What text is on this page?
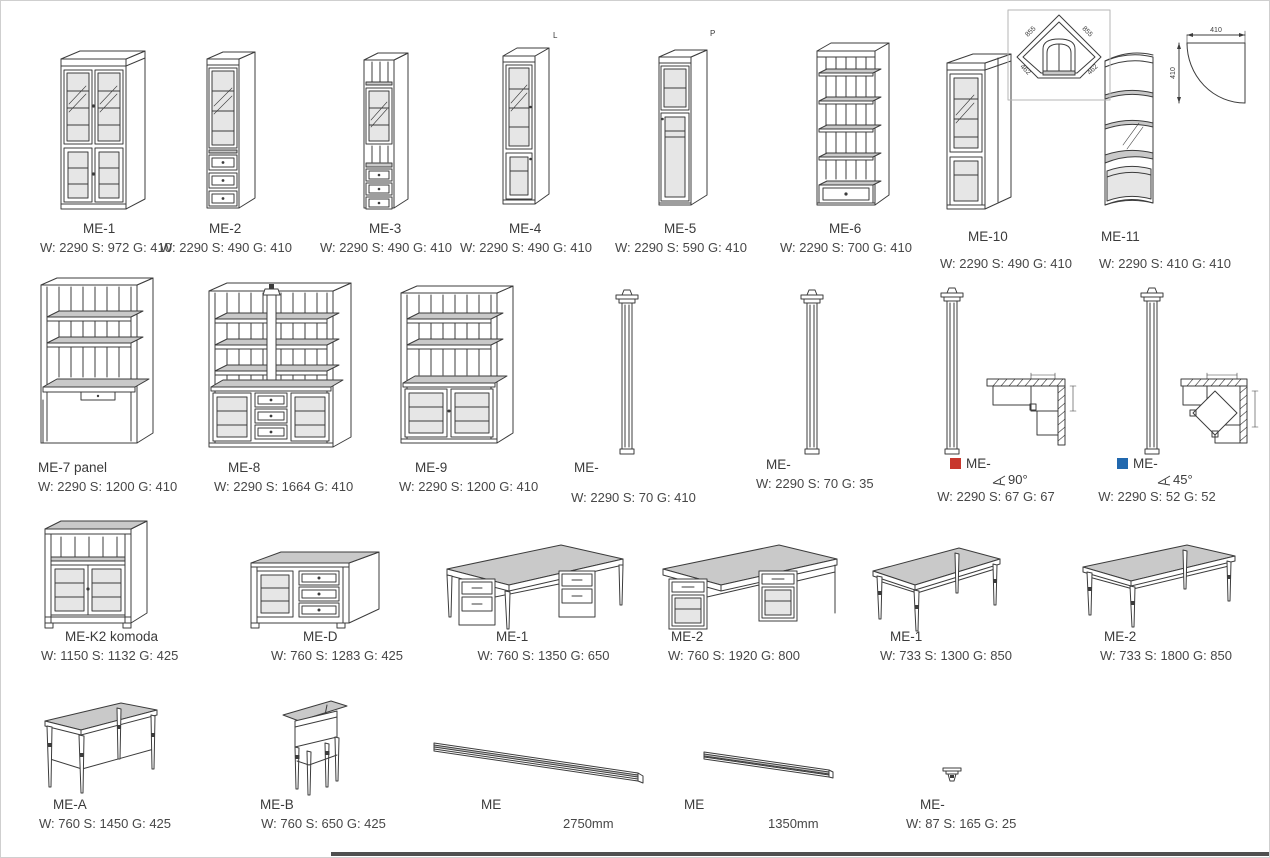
L	P	855	855
462	462
410
410
ME-1
W: 2290 S: 972 G: 410
ME-2
W: 2290 S: 490 G: 410
ME-3
W: 2290 S: 490 G: 410
ME-4
W: 2290 S: 490 G: 410
ME-5
W: 2290 S: 590 G: 410
ME-6
W: 2290 S: 700 G: 410
ME-10
W: 2290 S: 490 G: 410
ME-11
W: 2290 S: 410 G: 410
ME-7 panel
W: 2290 S: 1200 G: 410
ME-8
W: 2290 S: 1664 G: 410
ME-9
W: 2290 S: 1200 G: 410
ME-
W: 2290 S: 70 G: 410
ME-
W: 2290 S: 70 G: 35
ME-
90°
W: 2290 S: 67 G: 67
ME-
45°
W: 2290 S: 52 G: 52
ME-K2 komoda
W: 1150 S: 1132 G: 425
ME-D
W: 760 S: 1283 G: 425
ME-1
W: 760 S: 1350 G: 650
ME-2
W: 760 S: 1920 G: 800
ME-1
W: 733 S: 1300 G: 850
ME-2
W: 733 S: 1800 G: 850
ME-A
W: 760 S: 1450 G: 425
ME-B
W: 760 S: 650 G: 425
ME
2750mm
ME
1350mm
ME-
W: 87 S: 165 G: 25
